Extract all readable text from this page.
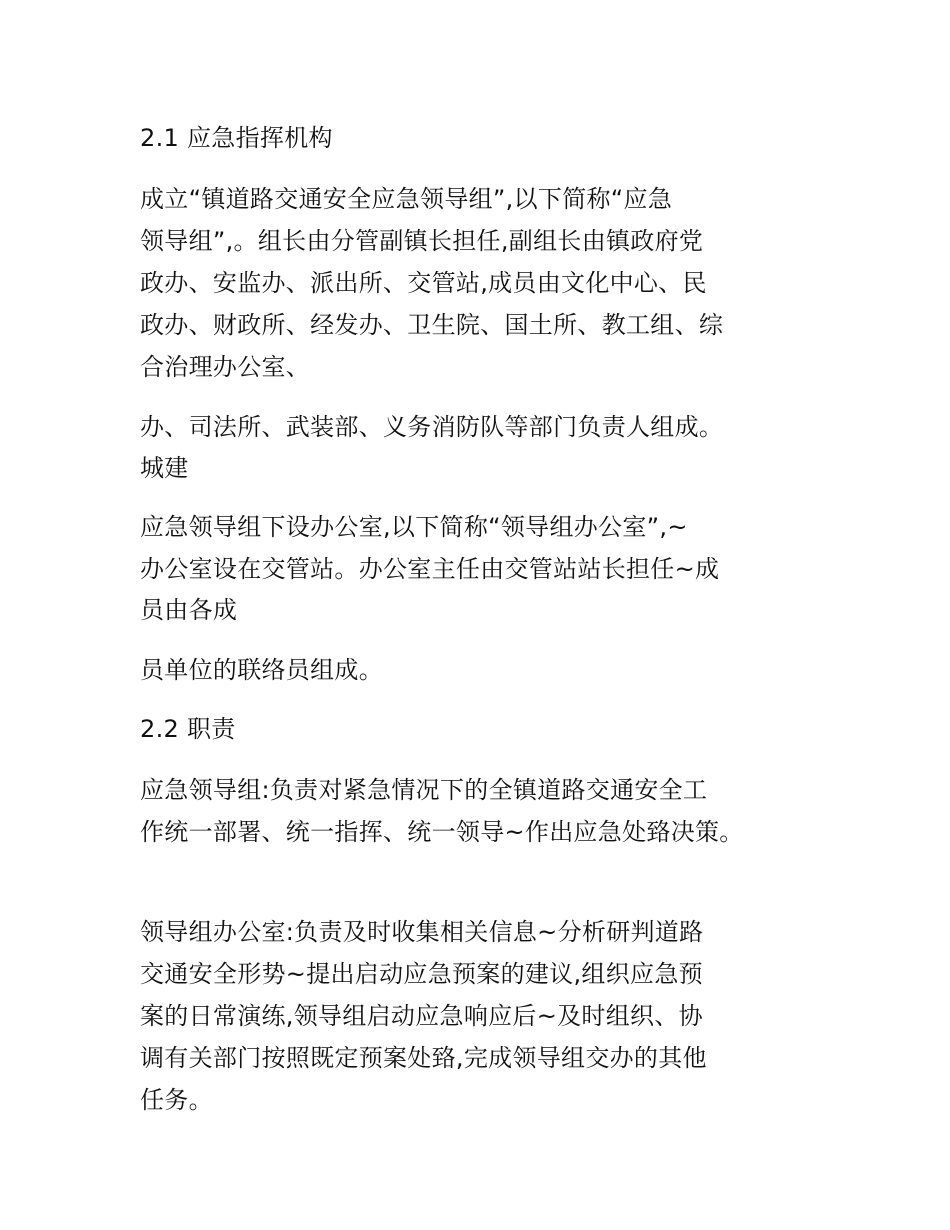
2.1 应急指挥机构

成立“镇道路交通安全应急领导组”,以下简称“应急

领导组”,。组长由分管副镇长担任,副组长由镇政府党

政办、安监办、派出所、交管站,成员由文化中心、民

政办、财政所、经发办、卫生院、国土所、教工组、综

合治理办公室、

办、司法所、武装部、义务消防队等部门负责人组成。

城建

应急领导组下设办公室,以下简称“领导组办公室”,~

办公室设在交管站。办公室主任由交管站站长担任~成

员由各成

员单位的联络员组成。

2.2 职责

应急领导组:负责对紧急情况下的全镇道路交通安全工

作统一部署、统一指挥、统一领导~作出应急处臵决策。

领导组办公室:负责及时收集相关信息~分析研判道路

交通安全形势~提出启动应急预案的建议,组织应急预

案的日常演练,领导组启动应急响应后~及时组织、协

调有关部门按照既定预案处臵,完成领导组交办的其他

任务。
